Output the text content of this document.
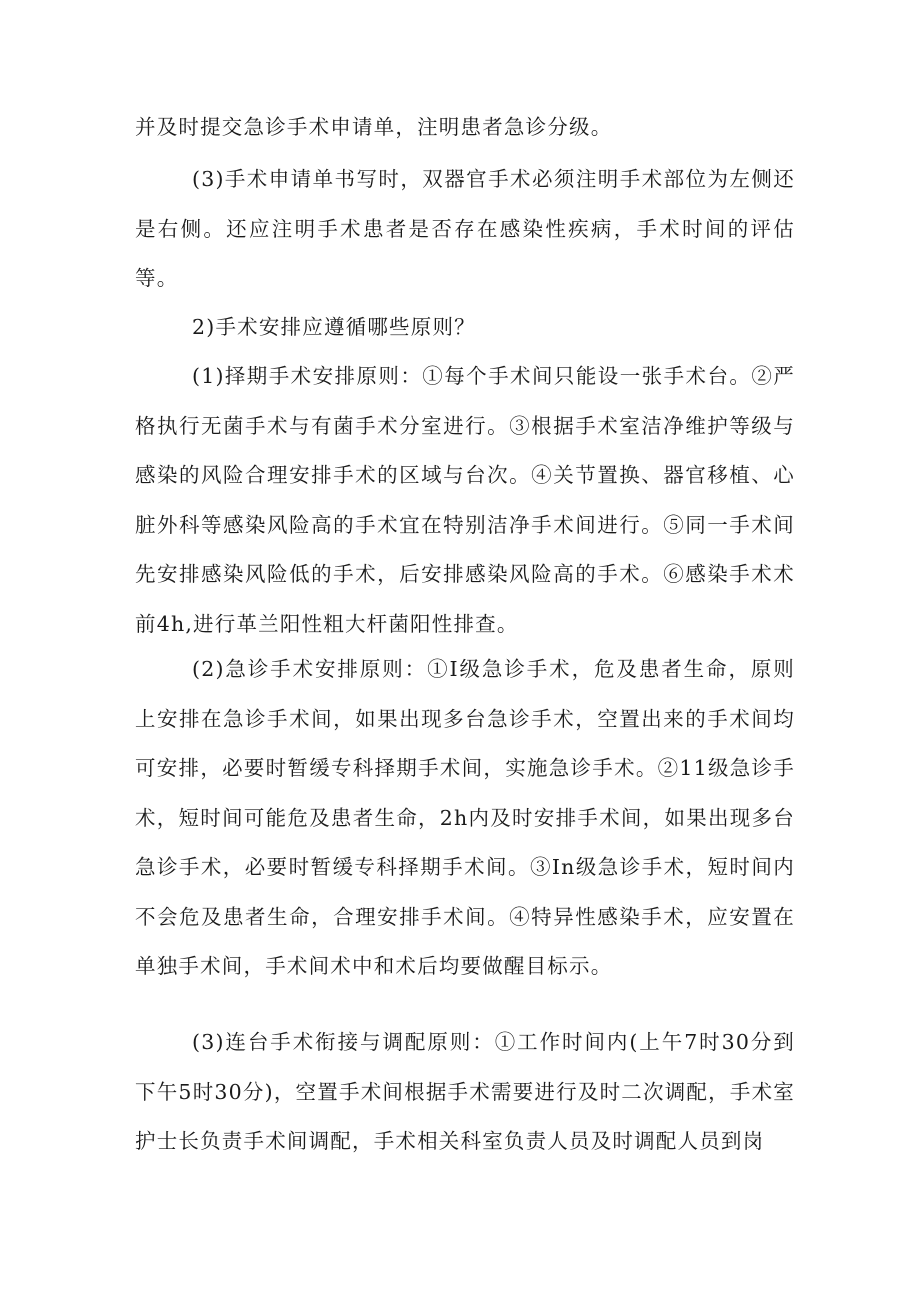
并及时提交急诊手术申请单，注明患者急诊分级。

(3)手术申请单书写时，双器官手术必须注明手术部位为左侧还是右侧。还应注明手术患者是否存在感染性疾病，手术时间的评估等。

2)手术安排应遵循哪些原则？

(1)择期手术安排原则：①每个手术间只能设一张手术台。②严格执行无菌手术与有菌手术分室进行。③根据手术室洁净维护等级与感染的风险合理安排手术的区域与台次。④关节置换、器官移植、心脏外科等感染风险高的手术宜在特别洁净手术间进行。⑤同一手术间先安排感染风险低的手术，后安排感染风险高的手术。⑥感染手术术前4h,进行革兰阳性粗大杆菌阳性排查。

(2)急诊手术安排原则：①I级急诊手术，危及患者生命，原则上安排在急诊手术间，如果出现多台急诊手术，空置出来的手术间均可安排，必要时暂缓专科择期手术间，实施急诊手术。②11级急诊手术，短时间可能危及患者生命，2h内及时安排手术间，如果出现多台急诊手术，必要时暂缓专科择期手术间。③In级急诊手术，短时间内不会危及患者生命，合理安排手术间。④特异性感染手术，应安置在单独手术间，手术间术中和术后均要做醒目标示。

(3)连台手术衔接与调配原则：①工作时间内(上午7时30分到下午5时30分)，空置手术间根据手术需要进行及时二次调配，手术室护士长负责手术间调配，手术相关科室负责人员及时调配人员到岗
